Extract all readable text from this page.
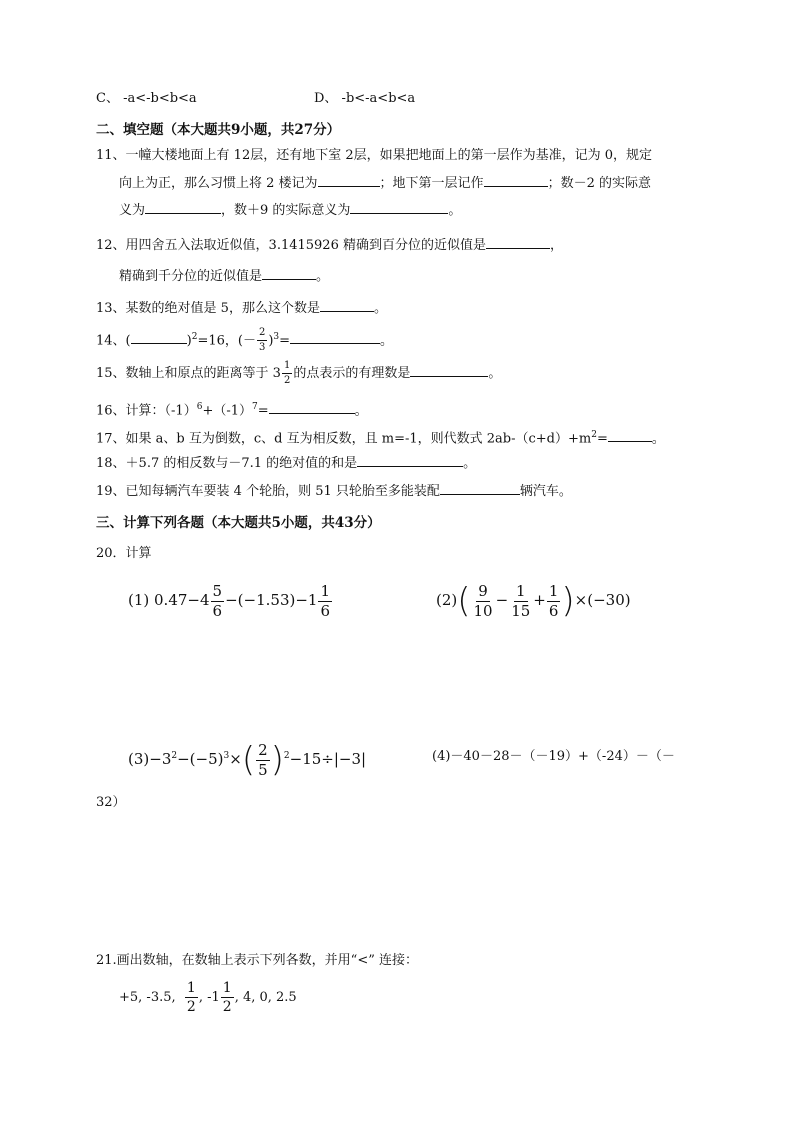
C、 -a<-b<b<a	D、 -b<-a<b<a
二、填空题（本大题共9小题，共27分）
11、一幢大楼地面上有 12层，还有地下室 2层，如果把地面上的第一层作为基准，记为 0，规定
向上为正，那么习惯上将 2 楼记为	；地下第一层记作	；数－2 的实际意
义为	，数＋9 的实际意义为	。
12、用四舍五入法取近似值，3.1415926 精确到百分位的近似值是	，
精确到千分位的近似值是	。
13、某数的绝对值是 5，那么这个数是	。
14、(	)$^2$=16，(－ $\frac{2}{3} )^3=$	。
15、数轴上和原点的距离等于 $3 \frac{1}{2}$ 的点表示的有理数是	。
16、计算：$(-1)^6+(-1)^7=$	。
17、如果 a、b 互为倒数，c、d 互为相反数，且 m=-1，则代数式 $2ab-(c+d)+m^2=$	。
18、＋5.7 的相反数与－7.1 的绝对值的和是	。
19、已知每辆汽车要装 4 个轮胎，则 51 只轮胎至多能装配	辆汽车。
三、计算下列各题（本大题共5小题，共43分）
20．计算
(1) $0.47-4 \frac{5}{6} -(-1.53)-1 \frac{1}{6}$	$(2)( \frac{9}{10} - \frac{1}{15} + \frac{1}{6} )\times(-30)$
$(3)-3^2-(-5)^3\times( \frac{2}{5} )^2-15\div|-3|$	(4)－40－28－（－19）+（-24）－（－
32）
21.画出数轴，在数轴上表示下列各数，并用“<” 连接：
+5, -3.5, $\frac{1}{2}$ , $-1 \frac{1}{2}$ , 4, 0, 2.5
